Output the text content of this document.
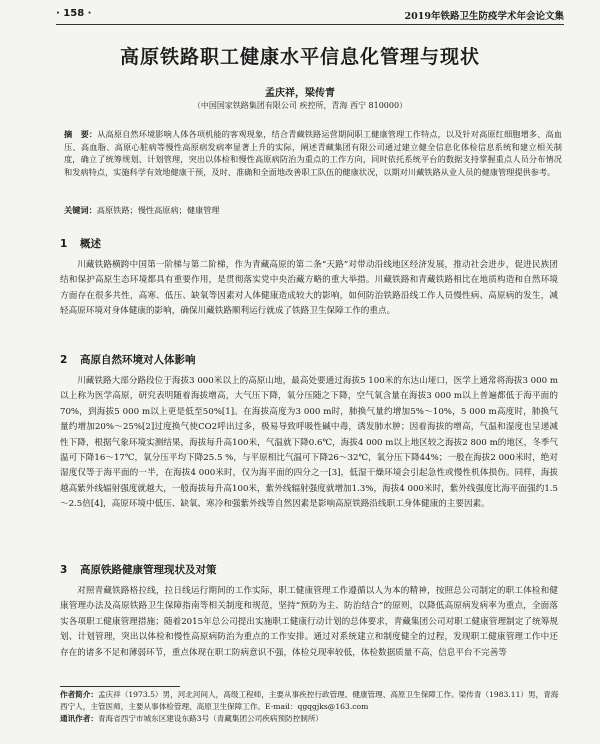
· 158 ·	2019年铁路卫生防疫学术年会论文集
高原铁路职工健康水平信息化管理与现状
孟庆祥，梁传青
（中国国家铁路集团有限公司 疾控所，青海 西宁 810000）
摘　要：从高原自然环境影响人体各项机能的客观现象，结合青藏铁路运营期间职工健康管理工作特点，以及针对高原红细胞增多、高血压、高血脂、高原心脏病等慢性高原病发病率显著上升的实际，阐述青藏集团有限公司通过建立健全信息化体检信息系统和建立相关制度，确立了统筹规划、计划管理，突出以体检和慢性高原病防治为重点的工作方向，同时依托系统平台的数据支持掌握重点人员分布情况和发病特点，实施科学有效地健康干预，及时、准确和全面地改善职工队伍的健康状况，以期对川藏铁路从业人员的健康管理提供参考。
关键词：高原铁路；慢性高原病；健康管理
1 概述
川藏铁路横跨中国第一阶梯与第二阶梯，作为青藏高原的第二条“天路”对带动沿线地区经济发展，推动社会进步，促进民族团结和保护高原生态环境都具有重要作用，是贯彻落实党中央治藏方略的重大举措。川藏铁路和青藏铁路相比在地质构造和自然环境方面存在很多共性，高寒、低压、缺氧等因素对人体健康造成较大的影响，如何防治铁路沿线工作人员慢性病、高原病的发生，减轻高原环境对身体健康的影响，确保川藏铁路顺利运行就成了铁路卫生保障工作的重点。
2 高原自然环境对人体影响
川藏铁路大部分路段位于海拔3 000米以上的高原山地，最高处要通过海拔5 100米的东达山垭口，医学上通常将海拔3 000 m以上称为医学高原，研究表明随着海拔增高，大气压下降，氧分压随之下降，空气氧含量在海拔3 000 m以上普遍都低于海平面的70%，到海拔5 000 m以上更是低至50%[1]。在海拔高度为3 000 m时，肺换气量约增加5%～10%，5 000 m高度时，肺换气量约增加20%～25%[2]过度换气使CO2呼出过多，极易导致呼吸性碱中毒，诱发肺水肿；因着海拔的增高，气温和湿度也呈递减性下降，根据气象环境实测结果，海拔每升高100米，气温就下降0.6℃，海拔4 000 m以上地区较之海拔2 800 m的地区，冬季气温可下降16～17℃，氧分压平均下降25.5 %，与平原相比气温可下降26～32℃，氧分压下降44%；一般在海拔2 000米时，绝对湿度仅等于海平面的一半，在海拔4 000米时，仅为海平面的四分之一[3]，低湿干燥环境会引起急性或慢性机体损伤。同样，海拔越高紫外线辐射强度就越大，一般海拔每升高100米，紫外线辐射强度就增加1.3%，海拔4 000米时，紫外线强度比海平面强约1.5～2.5倍[4]，高原环境中低压、缺氧、寒冷和强紫外线等自然因素是影响高原铁路沿线职工身体健康的主要因素。
3 高原铁路健康管理现状及对策
对照青藏铁路格拉线，拉日线运行期间的工作实际，职工健康管理工作遵循以人为本的精神，按照总公司制定的职工体检和健康管理办法及高原铁路卫生保障指南等相关制度和规范，坚持“预防为主、防治结合”的原则，以降低高原病发病率为重点，全面落实各项职工健康管理措施；随着2015年总公司提出实施职工健康行动计划的总体要求，青藏集团公司对职工健康管理制定了统筹规划、计划管理，突出以体检和慢性高原病防治为重点的工作安排。通过对系统建立和制度健全的过程，发现职工健康管理工作中还存在的诸多不足和薄弱环节，重点体现在职工防病意识不强，体检兑现率较低，体检数据质量不高，信息平台不完善等
作者简介：孟庆祥（1973.5）男，河北河间人，高级工程师，主要从事疾控行政管理、健康管理、高原卫生保障工作。梁传青（1983.11）男，青海西宁人，主管医师，主要从事体检管理、高原卫生保障工作。E-mail：qgqgjks@163.com
通讯作者：青海省西宁市城东区建设东路3号（青藏集团公司疾病预防控制所）
